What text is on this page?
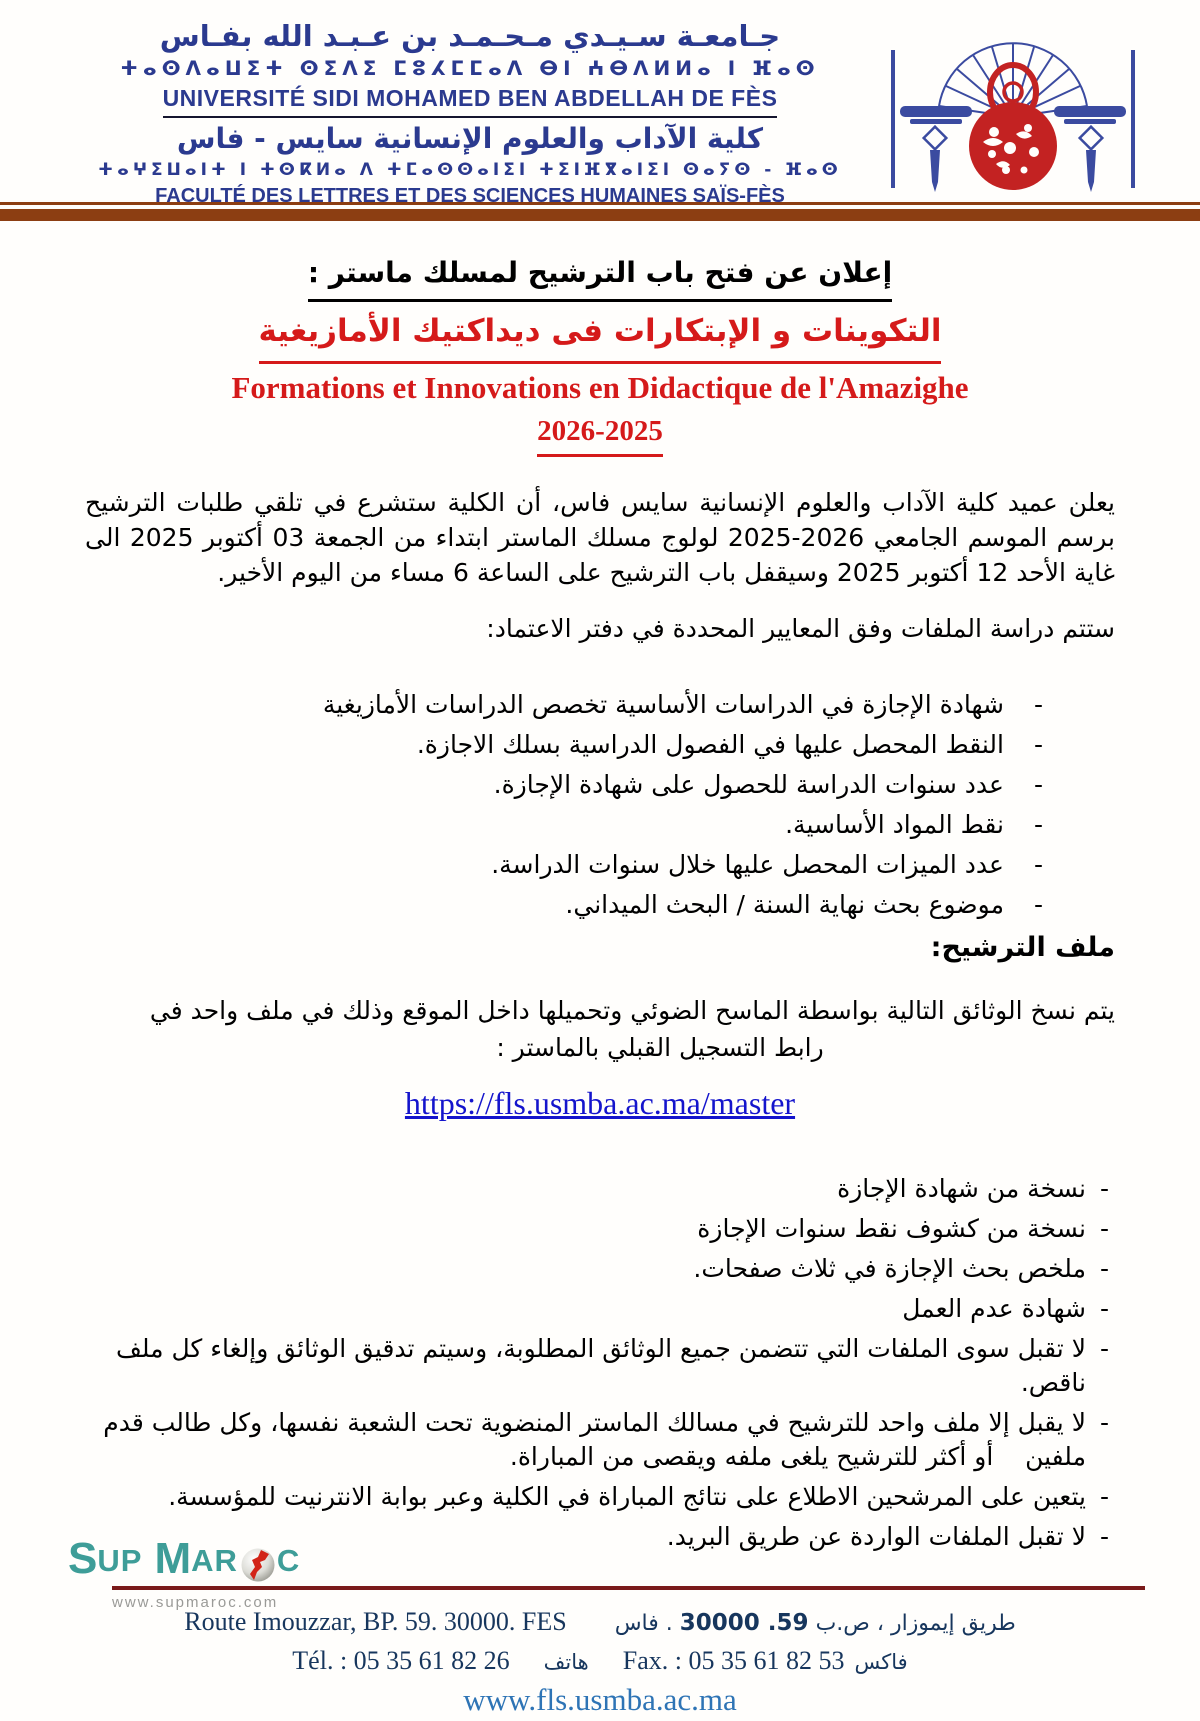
جـامعـة سـيـدي مـحـمـد بن عـبـد الله بفـاس
ⵜⴰⵙⴷⴰⵡⵉⵜ ⵙⵉⴷⵉ ⵎⵓⵃⵎⵎⴰⴷ ⴱⵏ ⵄⴱⴷⵍⵍⴰ ⵏ ⴼⴰⵙ
UNIVERSITÉ SIDI MOHAMED BEN ABDELLAH DE FÈS
كلية الآداب والعلوم الإنسانية سايس - فاس
ⵜⴰⵖⵉⵡⴰⵏⵜ ⵏ ⵜⵙⴽⵍⴰ ⴷ ⵜⵎⴰⵙⵙⴰⵏⵉⵏ ⵜⵉⵏⴼⴳⴰⵏⵉⵏ ⵙⴰⵢⵙ - ⴼⴰⵙ
FACULTÉ DES LETTRES ET DES SCIENCES HUMAINES SAÏS-FÈS
إعلان عن فتح باب الترشيح لمسلك ماستر :
التكوينات و الإبتكارات فى ديداكتيك الأمازيغية
Formations et Innovations en Didactique de l'Amazighe
2026-2025

يعلن عميد كلية الآداب والعلوم الإنسانية سايس فاس، أن الكلية ستشرع في تلقي طلبات الترشيح برسم الموسم الجامعي 2026-2025 لولوج مسلك الماستر ابتداء من الجمعة 03 أكتوبر 2025 الى غاية الأحد 12 أكتوبر 2025 وسيقفل باب الترشيح على الساعة 6 مساء من اليوم الأخير.

ستتم دراسة الملفات وفق المعايير المحددة في دفتر الاعتماد:

-
شهادة الإجازة في الدراسات الأساسية تخصص الدراسات الأمازيغية
-
النقط المحصل عليها في الفصول الدراسية بسلك الاجازة.
-
عدد سنوات الدراسة للحصول على شهادة الإجازة.
-
نقط المواد الأساسية.
-
عدد الميزات المحصل عليها خلال سنوات الدراسة.
-
موضوع بحث نهاية السنة / البحث الميداني.
ملف الترشيح:

يتم نسخ الوثائق التالية بواسطة الماسح الضوئي وتحميلها داخل الموقع وذلك في ملف واحد في
رابط التسجيل القبلي بالماستر :

https://fls.usmba.ac.ma/master
-
نسخة من شهادة الإجازة
-
نسخة من كشوف نقط سنوات الإجازة
-
ملخص بحث الإجازة في ثلاث صفحات.
-
شهادة عدم العمل
-
لا تقبل سوى الملفات التي تتضمن جميع الوثائق المطلوبة، وسيتم تدقيق الوثائق وإلغاء كل ملف ناقص.
-
لا يقبل إلا ملف واحد للترشيح في مسالك الماستر المنضوية تحت الشعبة نفسها، وكل طالب قدم ملفين    أو أكثر للترشيح يلغى ملفه ويقصى من المباراة.
-
يتعين على المرشحين الاطلاع على نتائج المباراة في الكلية وعبر بوابة الانترنيت للمؤسسة.
-
لا تقبل الملفات الواردة عن طريق البريد.
S UP M AR C
www.supmaroc.com
Route Imouzzar, BP. 59. 30000. FES	طريق إيموزار ، ص.ب 59. 30000 . فاس
Tél. : 05 35 61 82 26 هاتف Fax. : 05 35 61 82 53 فاكس
www.fls.usmba.ac.ma
